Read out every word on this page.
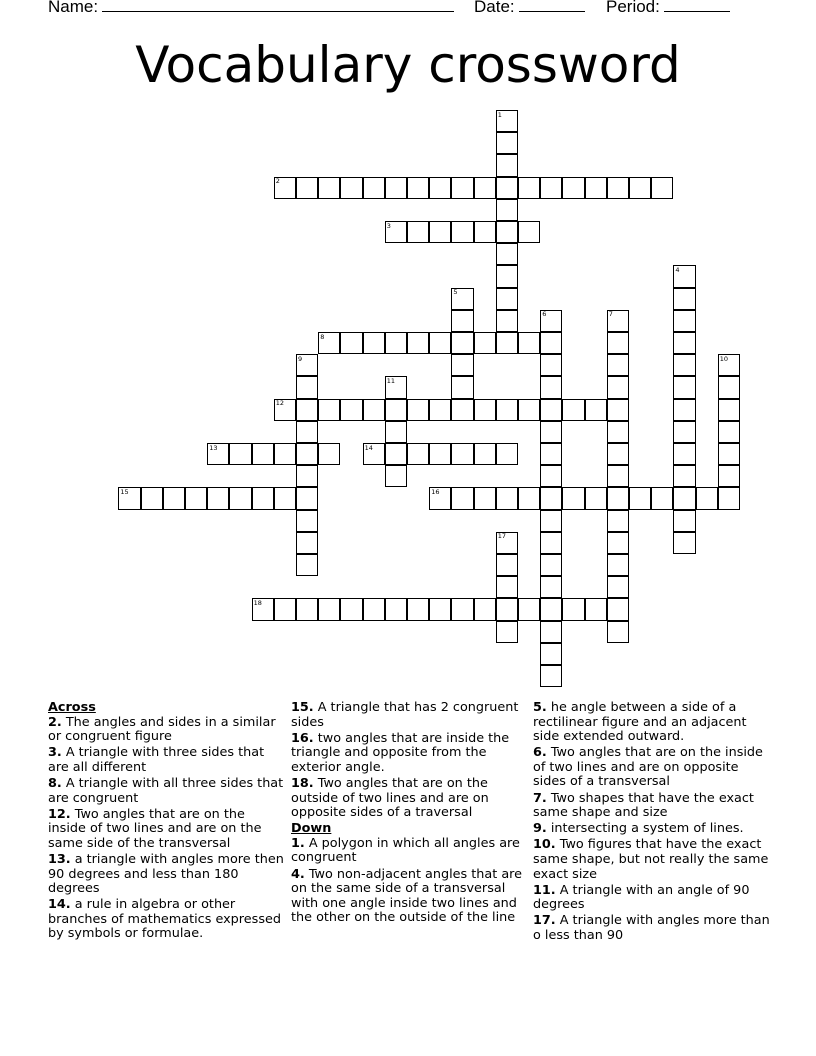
Name:	Date:	Period:
Vocabulary crossword
1
2
3
4
5
6	7
8
9	10
11
12
13	14
15	16
17
18
Across
2. The angles and sides in a similar or congruent figure
3. A triangle with three sides that are all different
8. A triangle with all three sides that are congruent
12. Two angles that are on the inside of two lines and are on the same side of the transversal
13. a triangle with angles more then 90 degrees and less than 180 degrees
14. a rule in algebra or other branches of mathematics expressed by symbols or formulae.
15. A triangle that has 2 congruent sides
16. two angles that are inside the triangle and opposite from the exterior angle.
18. Two angles that are on the outside of two lines and are on opposite sides of a traversal
Down
1. A polygon in which all angles are congruent
4. Two non-adjacent angles that are on the same side of a transversal with one angle inside two lines and the other on the outside of the line
5. he angle between a side of a rectilinear figure and an adjacent side extended outward.
6. Two angles that are on the inside of two lines and are on opposite sides of a transversal
7. Two shapes that have the exact same shape and size
9. intersecting a system of lines.
10. Two figures that have the exact same shape, but not really the same exact size
11. A triangle with an angle of 90 degrees
17. A triangle with angles more than o less than 90
